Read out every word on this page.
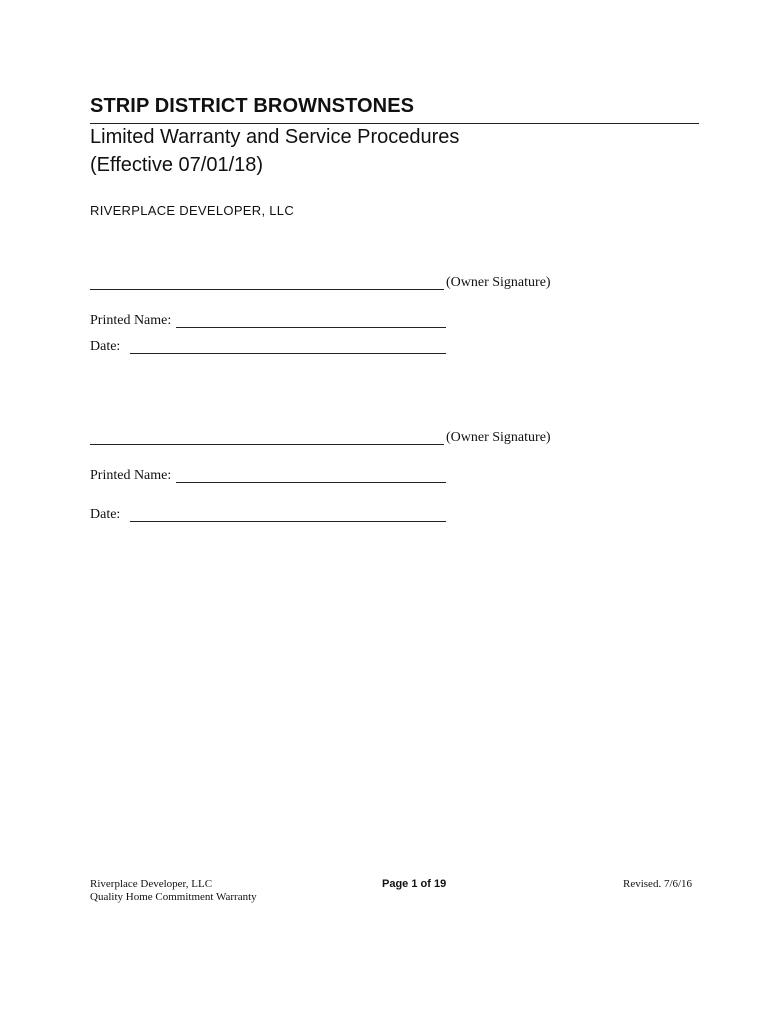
STRIP DISTRICT BROWNSTONES
Limited Warranty and Service Procedures
(Effective 07/01/18)
RIVERPLACE DEVELOPER, LLC
(Owner Signature)
Printed Name:
Date:
(Owner Signature)
Printed Name:
Date:
Riverplace Developer, LLC
Quality Home Commitment Warranty
Page 1 of 19	Revised. 7/6/16
